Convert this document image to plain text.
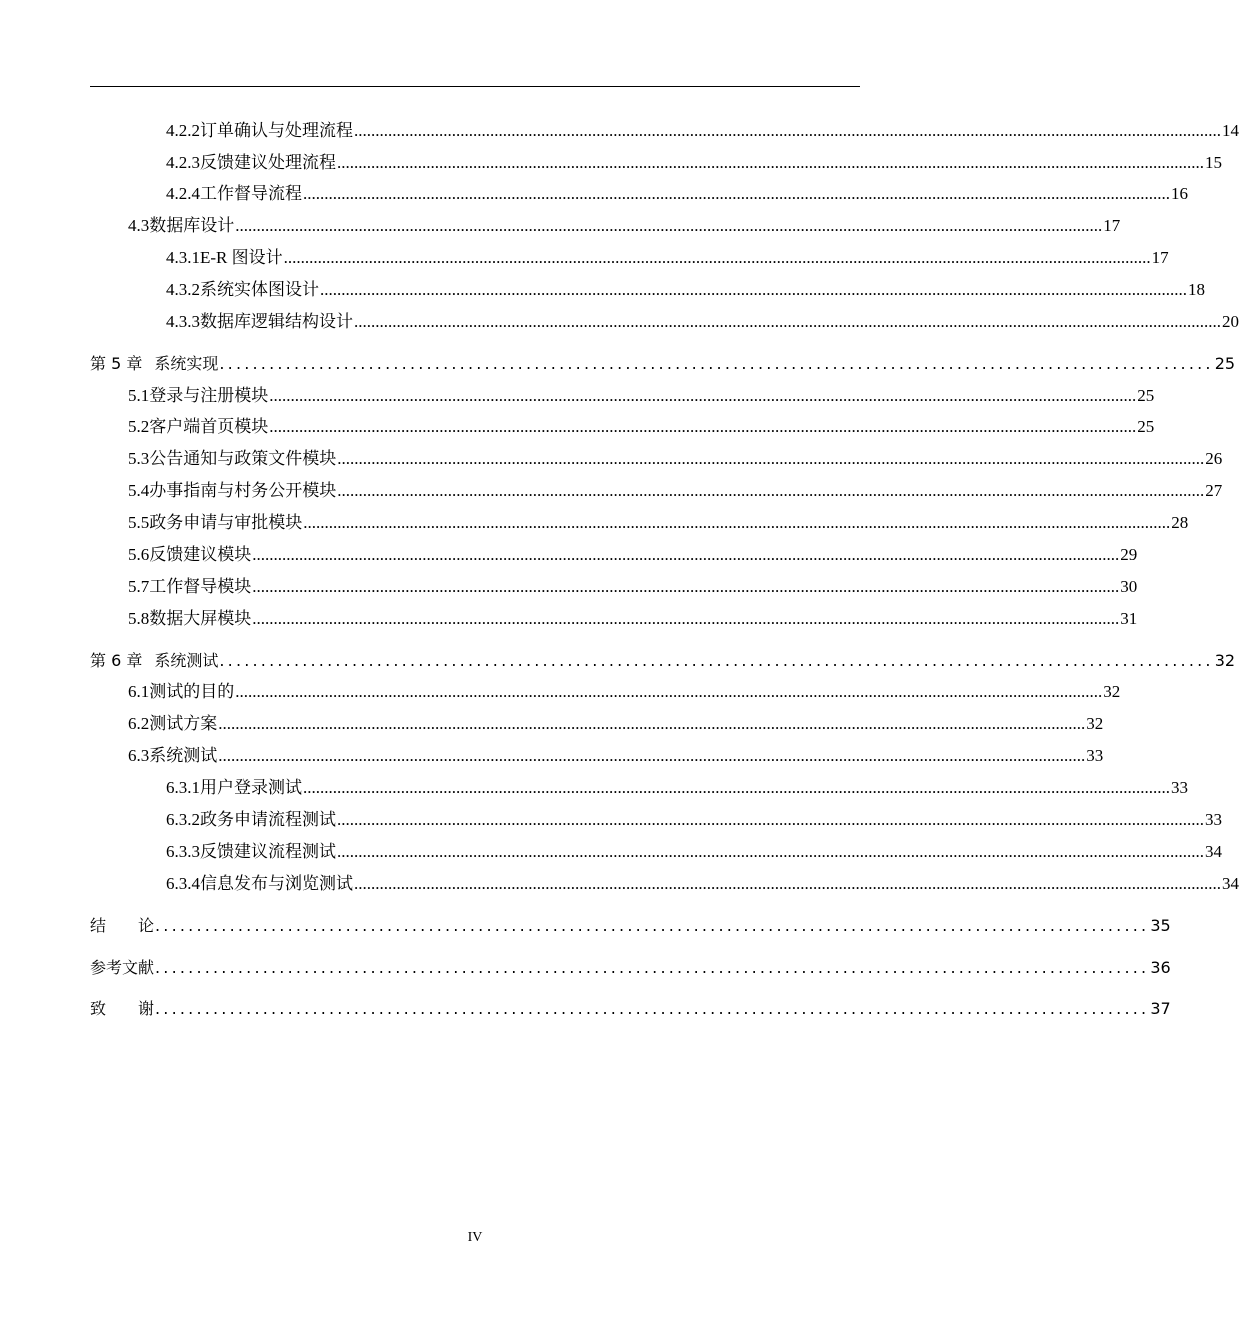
4.2.2 订单确认与处理流程 ............................................................................................................................................................................................................ 14
4.2.3 反馈建议处理流程 ............................................................................................................................................................................................................ 15
4.2.4 工作督导流程 ............................................................................................................................................................................................................ 16
4.3 数据库设计 ............................................................................................................................................................................................................ 17
4.3.1 E-R 图设计 ............................................................................................................................................................................................................ 17
4.3.2 系统实体图设计 ............................................................................................................................................................................................................ 18
4.3.3 数据库逻辑结构设计 ............................................................................................................................................................................................................ 20
第 5 章 系统实现 ........................................................................................................................ 25
5.1 登录与注册模块 ............................................................................................................................................................................................................ 25
5.2 客户端首页模块 ............................................................................................................................................................................................................ 25
5.3 公告通知与政策文件模块 ............................................................................................................................................................................................................ 26
5.4 办事指南与村务公开模块 ............................................................................................................................................................................................................ 27
5.5 政务申请与审批模块 ............................................................................................................................................................................................................ 28
5.6 反馈建议模块 ............................................................................................................................................................................................................ 29
5.7 工作督导模块 ............................................................................................................................................................................................................ 30
5.8 数据大屏模块 ............................................................................................................................................................................................................ 31
第 6 章 系统测试 ........................................................................................................................ 32
6.1 测试的目的 ............................................................................................................................................................................................................ 32
6.2 测试方案 ............................................................................................................................................................................................................ 32
6.3 系统测试 ............................................................................................................................................................................................................ 33
6.3.1 用户登录测试 ............................................................................................................................................................................................................ 33
6.3.2 政务申请流程测试 ............................................................................................................................................................................................................ 33
6.3.3 反馈建议流程测试 ............................................................................................................................................................................................................ 34
6.3.4 信息发布与浏览测试 ............................................................................................................................................................................................................ 34
结　　论 ........................................................................................................................ 35
参考文献 ........................................................................................................................ 36
致　　谢 ........................................................................................................................ 37
IV
